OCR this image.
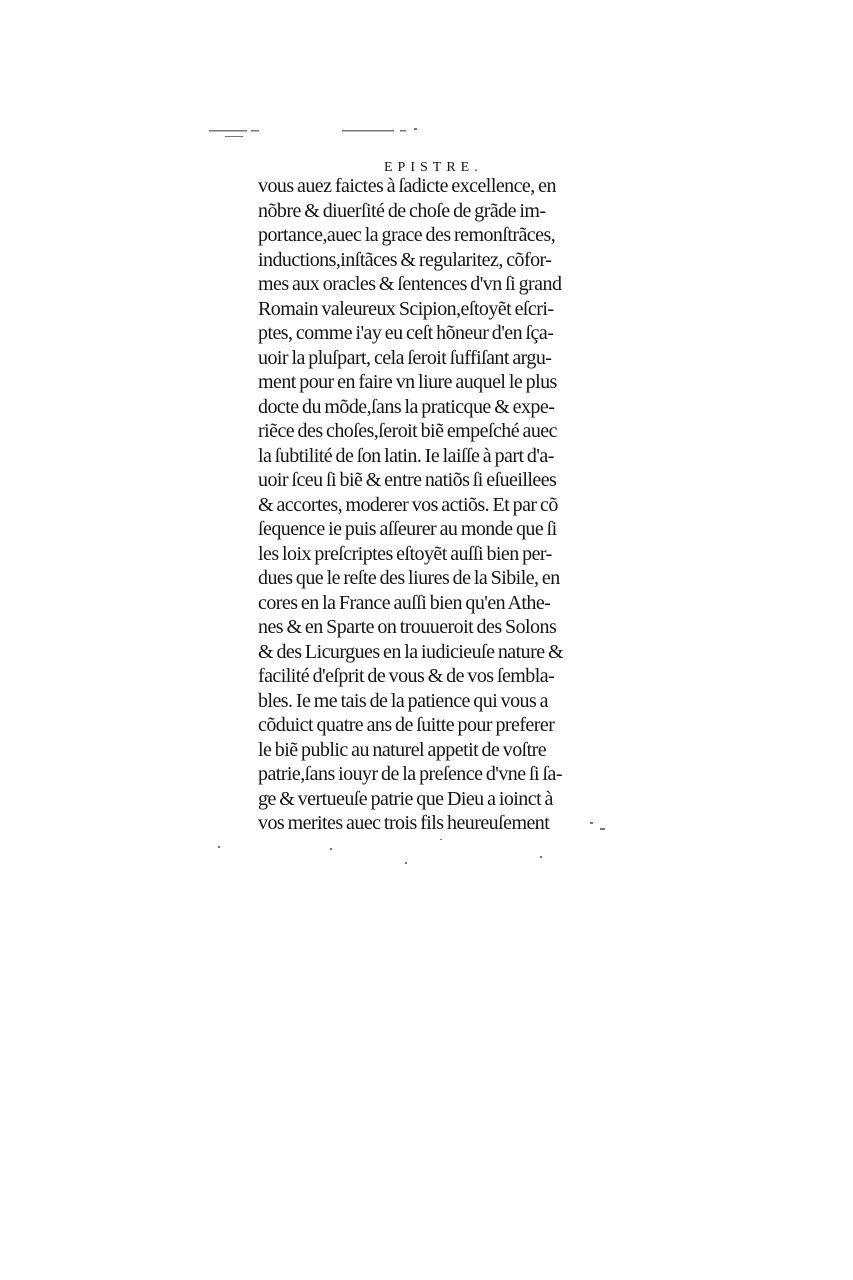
EPISTRE.
vous auez faictes à ſadicte excellence, en
nõbre & diuerſité de choſe de grãde im-
portance,auec la grace des remonſtrãces,
inductions,inſtãces & regularitez, cõfor-
mes aux oracles & ſentences d'vn ſi grand
Romain valeureux Scipion,eſtoyẽt eſcri-
ptes, comme i'ay eu ceſt hõneur d'en ſça-
uoir la pluſpart, cela ſeroit ſuffiſant argu-
ment pour en faire vn liure auquel le plus
docte du mõde,ſans la praticque & expe-
riẽce des choſes,ſeroit biẽ empeſché auec
la ſubtilité de ſon latin. Ie laiſſe à part d'a-
uoir ſceu ſi biẽ & entre natiõs ſi eſueillees
& accortes, moderer vos actiõs. Et par cõ
ſequence ie puis aſſeurer au monde que ſi
les loix preſcriptes eſtoyẽt auſſi bien per-
dues que le reſte des liures de la Sibile, en
cores en la France auſſi bien qu'en Athe-
nes & en Sparte on trouueroit des Solons
& des Licurgues en la iudicieuſe nature &
facilité d'eſprit de vous & de vos ſembla-
bles. Ie me tais de la patience qui vous a
cõduict quatre ans de ſuitte pour preferer
le biẽ public au naturel appetit de voſtre
patrie,ſans iouyr de la preſence d'vne ſi ſa-
ge & vertueuſe patrie que Dieu a ioinct à
vos merites auec trois fils heureuſement
